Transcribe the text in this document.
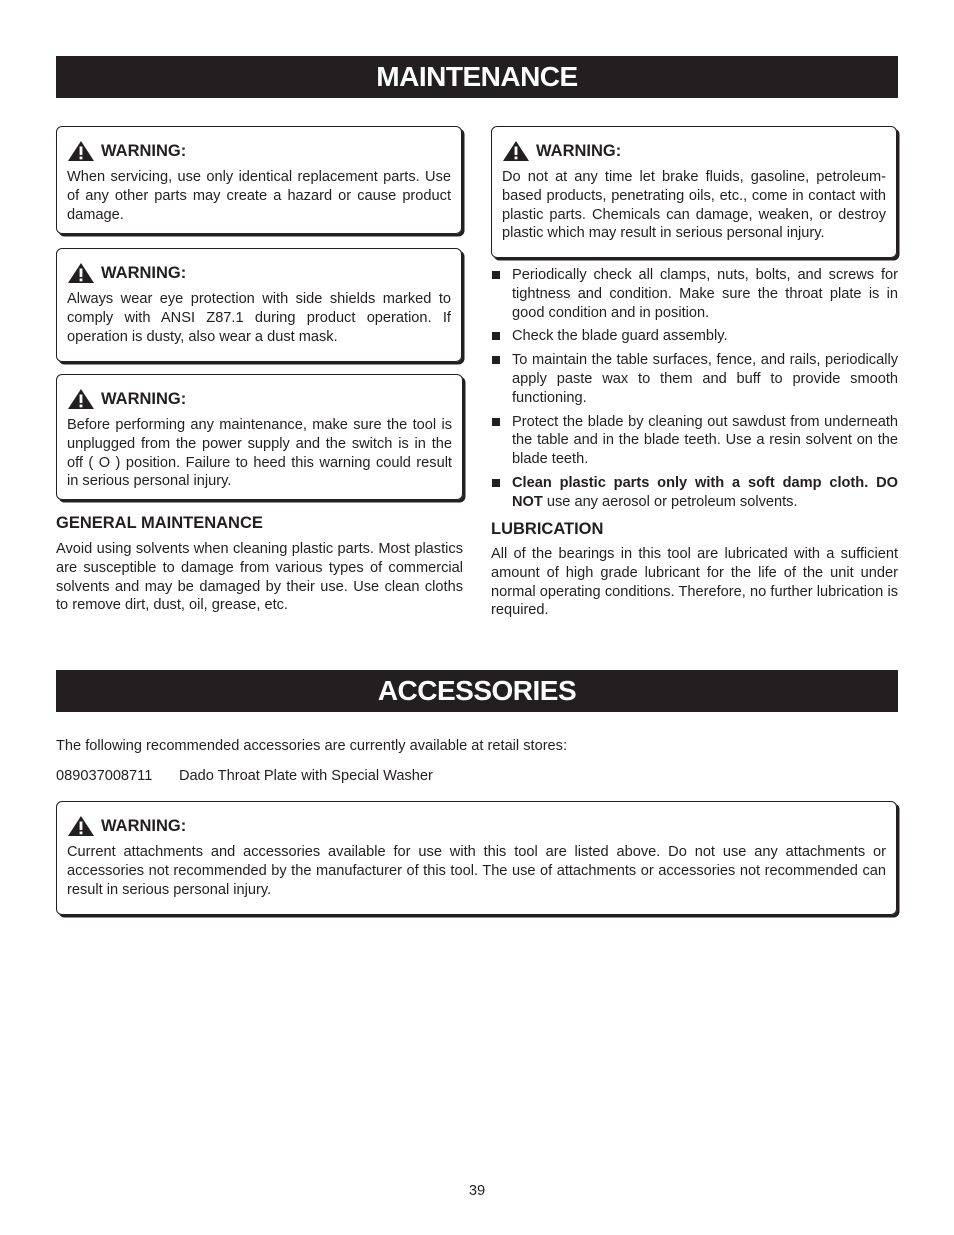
MAINTENANCE
WARNING:
When servicing, use only identical replacement parts. Use of any other parts may create a hazard or cause product damage.
WARNING:
Always wear eye protection with side shields marked to comply with ANSI Z87.1 during product operation. If operation is dusty, also wear a dust mask.
WARNING:
Before performing any maintenance, make sure the tool is unplugged from the power supply and the switch is in the off ( O ) position. Failure to heed this warning could result in serious personal injury.
GENERAL MAINTENANCE
Avoid using solvents when cleaning plastic parts. Most plastics are susceptible to damage from various types of commercial solvents and may be damaged by their use. Use clean cloths to remove dirt, dust, oil, grease, etc.
WARNING:
Do not at any time let brake fluids, gasoline, petroleum-based products, penetrating oils, etc., come in contact with plastic parts. Chemicals can damage, weaken, or destroy plastic which may result in serious personal injury.
Periodically check all clamps, nuts, bolts, and screws for tightness and condition. Make sure the throat plate is in good condition and in position.
Check the blade guard assembly.
To maintain the table surfaces, fence, and rails, periodically apply paste wax to them and buff to provide smooth functioning.
Protect the blade by cleaning out sawdust from underneath the table and in the blade teeth. Use a resin solvent on the blade teeth.
Clean plastic parts only with a soft damp cloth. DO NOT use any aerosol or petroleum solvents.
LUBRICATION
All of the bearings in this tool are lubricated with a sufficient amount of high grade lubricant for the life of the unit under normal operating conditions. Therefore, no further lubrication is required.
ACCESSORIES
The following recommended accessories are currently available at retail stores:
089037008711 Dado Throat Plate with Special Washer
WARNING:
Current attachments and accessories available for use with this tool are listed above. Do not use any attachments or accessories not recommended by the manufacturer of this tool. The use of attachments or accessories not recommended can result in serious personal injury.
39
